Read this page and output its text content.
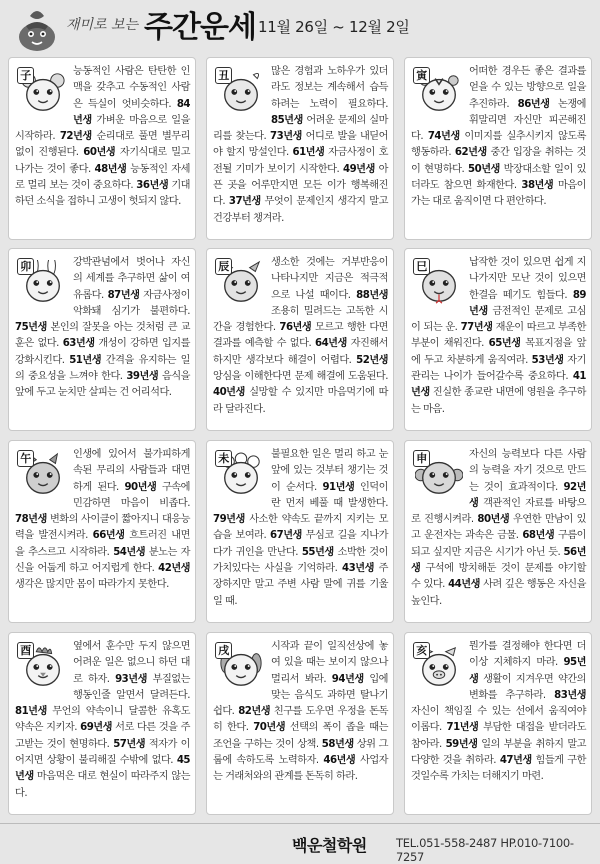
재미로 보는 주간운세 11월 26일 ~ 12월 2일
子	능동적인 사람은 탄탄한 인맥을 갖추고 수동적인 사람은 득실이 엇비슷하다. 84년생 가벼운 마음으로 일을 시작하라. 72년생 순리대로 풀면 별무리 없이 진행된다. 60년생 자기식대로 밀고 나가는 것이 좋다. 48년생 능동적인 자세로 멀리 보는 것이 중요하다. 36년생 기대하던 소식을 접하니 고생이 헛되지 않다.
丑	많은 경험과 노하우가 있더라도 정보는 계속해서 습득하려는 노력이 필요하다. 85년생 어려운 문제의 실마리를 찾는다. 73년생 어디로 발을 내딛어야 할지 망설인다. 61년생 자금사정이 호전될 기미가 보이기 시작한다. 49년생 아픈 곳을 어루만지면 모든 이가 행복해진다. 37년생 무엇이 문제인지 생각지 말고 건강부터 챙겨라.
寅	어떠한 경우든 좋은 결과를 얻을 수 있는 방향으로 일을 추진하라. 86년생 논쟁에 휘말리면 자신만 피곤해진다. 74년생 이미지를 실추시키지 않도록 행동하라. 62년생 중간 입장을 취하는 것이 현명하다. 50년생 박장대소할 일이 있더라도 참으면 화재한다. 38년생 마음이 가는 대로 움직이면 다 편안하다.
卯	강박관념에서 벗어나 자신의 세계를 추구하면 삶이 여유롭다. 87년생 자금사정이 악화돼 심기가 불편하다. 75년생 본인의 잘못을 아는 것처럼 큰 교훈은 없다. 63년생 개성이 강하면 입지를 강화시킨다. 51년생 간격을 유지하는 일의 중요성을 느껴야 한다. 39년생 음식을 앞에 두고 눈치만 살피는 건 어리석다.
辰	생소한 것에는 거부반응이 나타나지만 지금은 적극적으로 나설 때이다. 88년생 조용히 밀려드는 고독한 시간을 경험한다. 76년생 모르고 행한 다면 결과를 예측할 수 없다. 64년생 자진해서 하지만 생각보다 해결이 어렵다. 52년생 앙심을 이해한다면 문제 해결에 도움된다. 40년생 실망할 수 있지만 마음먹기에 따라 달라진다.
巳	납작한 것이 있으면 쉽게 지나가지만 모난 것이 있으면 한결음 떼기도 힘들다. 89년생 금전적인 문제로 고심이 되는 운. 77년생 재운이 따르고 부족한 부분이 채워진다. 65년생 목표지점을 앞에 두고 차분하게 움직여라. 53년생 자기관리는 나이가 들어갈수록 중요하다. 41년생 진실한 종교란 내면에 영원을 추구하는 마음.
午	인생에 있어서 불가피하게 속된 무리의 사람들과 대면하게 된다. 90년생 구속에 민감하면 마음이 비좁다. 78년생 변화의 사이클이 짧아지니 대응능력을 발전시켜라. 66년생 흐트러진 내면을 추스르고 시작하라. 54년생 분노는 자신을 어둡게 하고 어지럽게 한다. 42년생 생각은 많지만 몸이 따라가지 못한다.
未	불필요한 일은 멀리 하고 눈앞에 있는 것부터 챙기는 것이 순서다. 91년생 인덕이란 먼저 베풀 때 발생한다. 79년생 사소한 약속도 끝까지 지키는 모습을 보여라. 67년생 무심코 길을 지나가다가 귀인을 만난다. 55년생 소박한 것이 가치있다는 사실을 기억하라. 43년생 주장하지만 말고 주변 사람 말에 귀를 기울일 때.
申	자신의 능력보다 다른 사람의 능력을 자기 것으로 만드는 것이 효과적이다. 92년생 객관적인 자료를 바탕으로 진행시켜라. 80년생 우연한 만남이 있고 운전자는 과속은 금물. 68년생 구름이 되고 싶지만 지금은 시기가 아닌 듯. 56년생 구석에 방치해둔 것이 문제를 야기할 수 있다. 44년생 사려 깊은 행동은 자신을 높인다.
酉	옆에서 훈수만 두지 않으면 어려운 일은 없으니 하던 대로 하자. 93년생 부질없는 행동인줄 알면서 달려든다. 81년생 무언의 약속이니 달콤한 유혹도 약속은 지키자. 69년생 서로 다른 것을 주고받는 것이 현명하다. 57년생 적자가 이어지면 상황이 불리해질 수밖에 없다. 45년생 마음먹은 대로 현실이 따라주지 않는다.
戌	시작과 끝이 일직선상에 놓여 있을 때는 보이지 않으나 멀리서 봐라. 94년생 입에 맞는 음식도 과하면 탈나기 쉽다. 82년생 친구를 도우면 우정을 돈독히 한다. 70년생 선택의 폭이 좁을 때는 조언을 구하는 것이 상책. 58년생 상위 그룹에 속하도록 노력하자. 46년생 사업자는 거래처와의 관계를 돈독히 하라.
亥	뭔가를 결정해야 한다면 더 이상 지체하지 마라. 95년생 생활이 지겨우면 약간의 변화를 추구하라. 83년생 자신이 책임질 수 있는 선에서 움직여야 이롭다. 71년생 부담한 대접을 받더라도 참아라. 59년생 일의 부분을 취하지 말고 다양한 것을 취하라. 47년생 힘들게 구한 것일수록 가치는 더해지기 마련.
백운철학원	TEL.051-558-2487 HP.010-7100-7257
